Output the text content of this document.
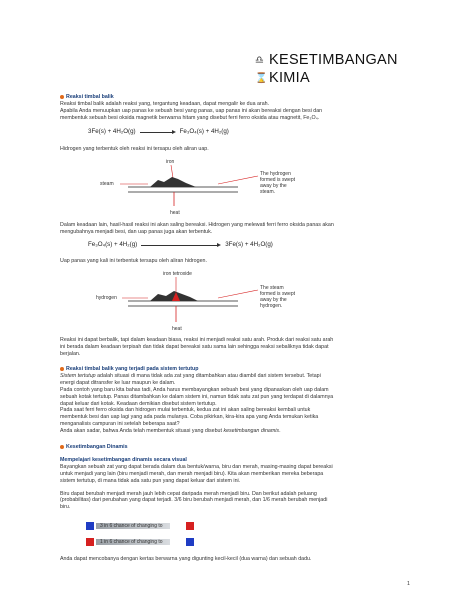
♎ KESETIMBANGAN
⌛ KIMIA

Reaksi timbal balik

Reaksi timbal balik adalah reaksi yang, tergantung keadaan, dapat mengalir ke dua arah.

Apabila Anda menuupkan uap panas ke sebuah besi yang panas, uap panas ini akan bereaksi dengan besi dan

membentuk sebuah besi oksida magnetik berwarna hitam yang disebut ferri ferro oksida atau magnetit, Fe₃O₄.

3Fe(s) + 4H₂O(g)	Fe₃O₄(s) + 4H₂(g)

Hidrogen yang terbentuk oleh reaksi ini tersapu oleh aliran uap.

iron
steam
heat
The hydrogen
formed is swept
away by the
steam.

Dalam keadaan lain, hasil-hasil reaksi ini akan saling bereaksi. Hidrogen yang melewati ferri ferro oksida panas akan

mengubahnya menjadi besi, dan uap panas juga akan terbentuk.

Fe₃O₄(s) + 4H₂(g)	3Fe(s) + 4H₂O(g)

Uap panas yang kali ini terbentuk tersapu oleh aliran hidrogen.

iron tetroxide
hydrogen
heat
The steam
formed is swept
away by the
hydrogen.

Reaksi ini dapat berbalik, tapi dalam keadaan biasa, reaksi ini menjadi reaksi satu arah. Produk dari reaksi satu arah

ini berada dalam keadaan terpisah dan tidak dapat bereaksi satu sama lain sehingga reaksi sebaliknya tidak dapat

berjalan.

Reaksi timbal balik yang terjadi pada sistem tertutup

Sistem tertutup adalah situasi di mana tidak ada zat yang ditambahkan atau diambil dari sistem tersebut. Tetapi

energi dapat ditransfer ke luar maupun ke dalam.

Pada contoh yang baru kita bahas tadi, Anda harus membayangkan sebuah besi yang dipanaskan oleh uap dalam

sebuah kotak tertutup. Panas ditambahkan ke dalam sistem ini, namun tidak satu zat pun yang terdapat di dalamnya

dapat keluar dari kotak. Keadaan demikian disebut sistem tertutup.

Pada saat ferri ferro oksida dan hidrogen mulai terbentuk, kedua zat ini akan saling bereaksi kembali untuk

membentuk besi dan uap lagi yang ada pada mulanya. Coba pikirkan, kira-kira apa yang Anda temukan ketika

menganalisis campuran ini setelah beberapa saat?

Anda akan sadar, bahwa Anda telah membentuk situasi yang disebut kesetimbangan dinamis.

Kesetimbangan Dinamis

Mempelajari kesetimbangan dinamis secara visual

Bayangkan sebuah zat yang dapat berada dalam dua bentuk/warna, biru dan merah, masing-masing dapat bereaksi

untuk menjadi yang lain (biru menjadi merah, dan merah menjadi biru). Kita akan memberikan mereka beberapa

sistem tertutup, di mana tidak ada satu pun yang dapat keluar dari sistem ini.

Biru dapat berubah menjadi merah jauh lebih cepat daripada merah menjadi biru. Dan berikut adalah peluang

(probabilitas) dari perubahan yang dapat terjadi. 3/6 biru berubah menjadi merah, dan 1/6 merah berubah menjadi

biru.

3 in 6 chance of changing to
1 in 6 chance of changing to

Anda dapat mencobanya dengan kertas berwarna yang digunting kecil-kecil (dua warna) dan sebuah dadu.

1
